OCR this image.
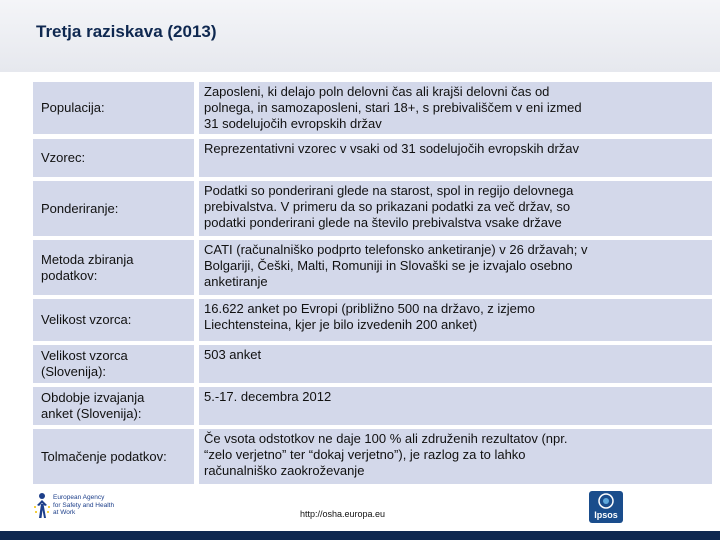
Tretja raziskava (2013)
Populacija:
Zaposleni, ki delajo poln delovni čas ali krajši delovni čas od
polnega, in samozaposleni, stari 18+, s prebivališčem v eni izmed
31 sodelujočih evropskih držav
Vzorec:
Reprezentativni vzorec v vsaki od 31 sodelujočih evropskih držav
Ponderiranje:
Podatki so ponderirani glede na starost, spol in regijo delovnega
prebivalstva. V primeru da so prikazani podatki za več držav, so
podatki ponderirani glede na število prebivalstva vsake države
Metoda zbiranja
podatkov:
CATI (računalniško podprto telefonsko anketiranje) v 26 državah; v
Bolgariji, Češki, Malti, Romuniji in Slovaški se je izvajalo osebno
anketiranje
Velikost vzorca:
16.622 anket po Evropi (približno 500 na državo, z izjemo
Liechtensteina, kjer je bilo izvedenih 200 anket)
Velikost vzorca
(Slovenija):
503 anket
Obdobje izvajanja
anket (Slovenija):
5.-17. decembra 2012
Tolmačenje podatkov:
Če vsota odstotkov ne daje 100 % ali združenih rezultatov (npr.
“zelo verjetno” ter “dokaj verjetno”), je razlog za to lahko
računalniško zaokroževanje
European Agency
for Safety and Health
at Work	http://osha.europa.eu	Ipsos
